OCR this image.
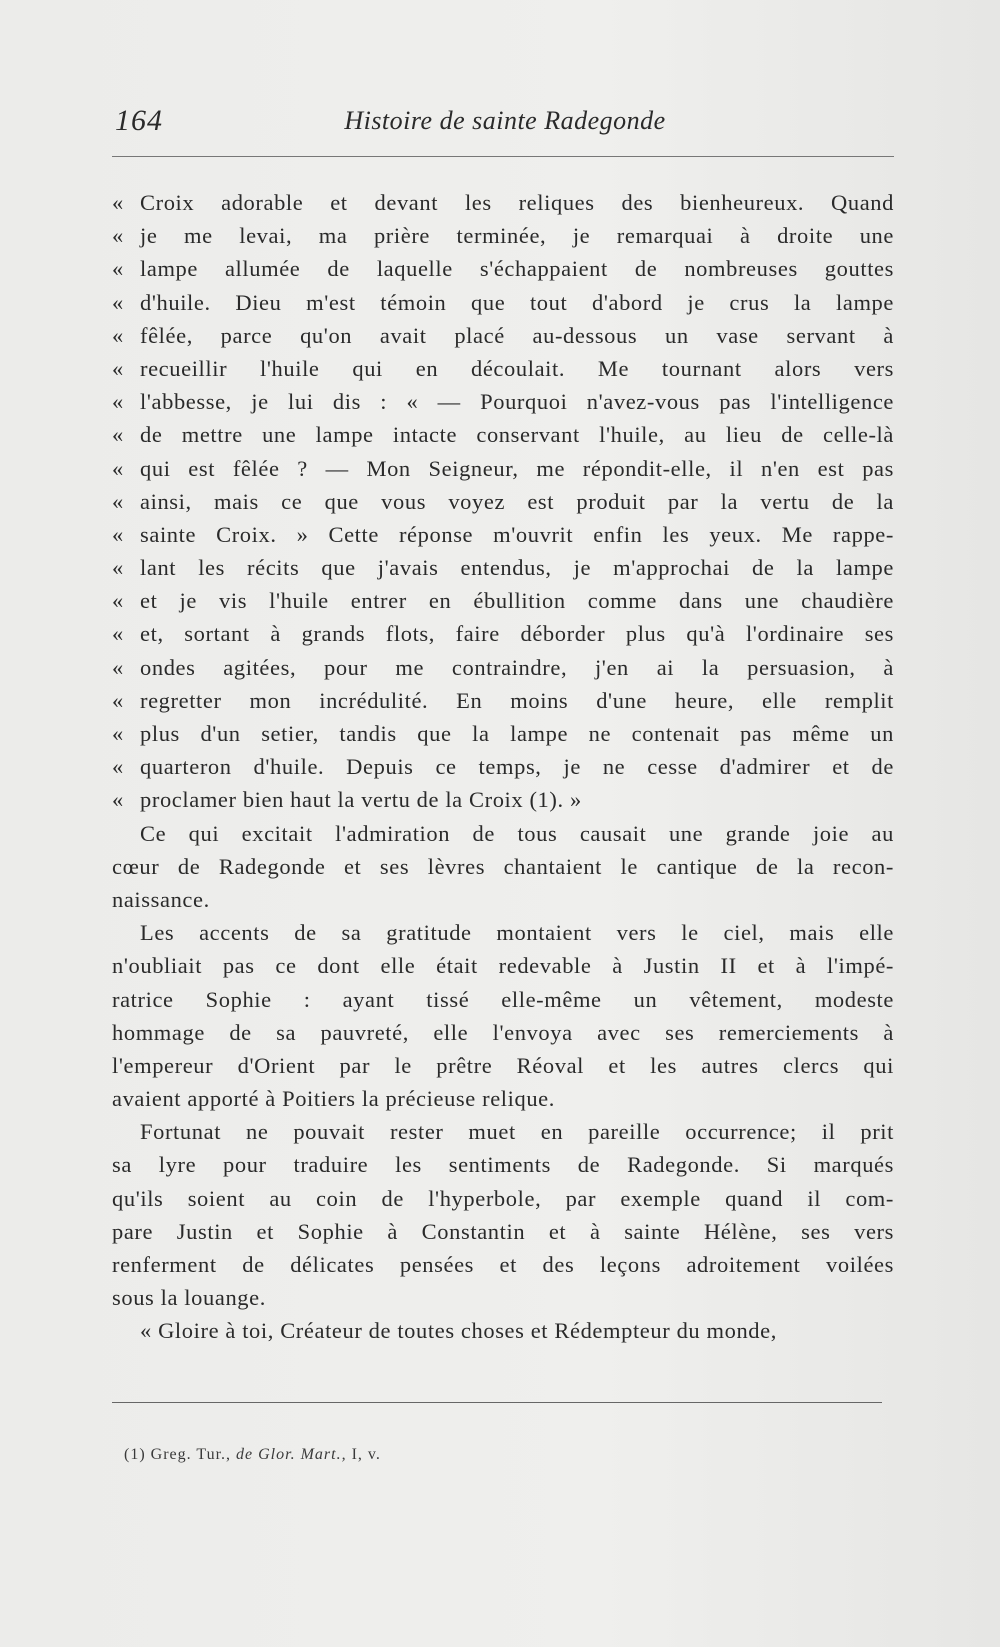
164	Histoire de sainte Radegonde
« Croix adorable et devant les reliques des bienheureux. Quand
« je me levai, ma prière terminée, je remarquai à droite une
« lampe allumée de laquelle s'échappaient de nombreuses gouttes
« d'huile. Dieu m'est témoin que tout d'abord je crus la lampe
« fêlée, parce qu'on avait placé au-dessous un vase servant à
« recueillir l'huile qui en découlait. Me tournant alors vers
« l'abbesse, je lui dis : « — Pourquoi n'avez-vous pas l'intelligence
« de mettre une lampe intacte conservant l'huile, au lieu de celle-là
« qui est fêlée ? — Mon Seigneur, me répondit-elle, il n'en est pas
« ainsi, mais ce que vous voyez est produit par la vertu de la
« sainte Croix. » Cette réponse m'ouvrit enfin les yeux. Me rappe-
« lant les récits que j'avais entendus, je m'approchai de la lampe
« et je vis l'huile entrer en ébullition comme dans une chaudière
« et, sortant à grands flots, faire déborder plus qu'à l'ordinaire ses
« ondes agitées, pour me contraindre, j'en ai la persuasion, à
« regretter mon incrédulité. En moins d'une heure, elle remplit
« plus d'un setier, tandis que la lampe ne contenait pas même un
« quarteron d'huile. Depuis ce temps, je ne cesse d'admirer et de
« proclamer bien haut la vertu de la Croix (1). »

Ce qui excitait l'admiration de tous causait une grande joie au
cœur de Radegonde et ses lèvres chantaient le cantique de la recon-
naissance.

Les accents de sa gratitude montaient vers le ciel, mais elle
n'oubliait pas ce dont elle était redevable à Justin II et à l'impé-
ratrice Sophie : ayant tissé elle-même un vêtement, modeste
hommage de sa pauvreté, elle l'envoya avec ses remerciements à
l'empereur d'Orient par le prêtre Réoval et les autres clercs qui
avaient apporté à Poitiers la précieuse relique.

Fortunat ne pouvait rester muet en pareille occurrence; il prit
sa lyre pour traduire les sentiments de Radegonde. Si marqués
qu'ils soient au coin de l'hyperbole, par exemple quand il com-
pare Justin et Sophie à Constantin et à sainte Hélène, ses vers
renferment de délicates pensées et des leçons adroitement voilées
sous la louange.

« Gloire à toi, Créateur de toutes choses et Rédempteur du monde,

(1) Greg. Tur., de Glor. Mart., I, v.
